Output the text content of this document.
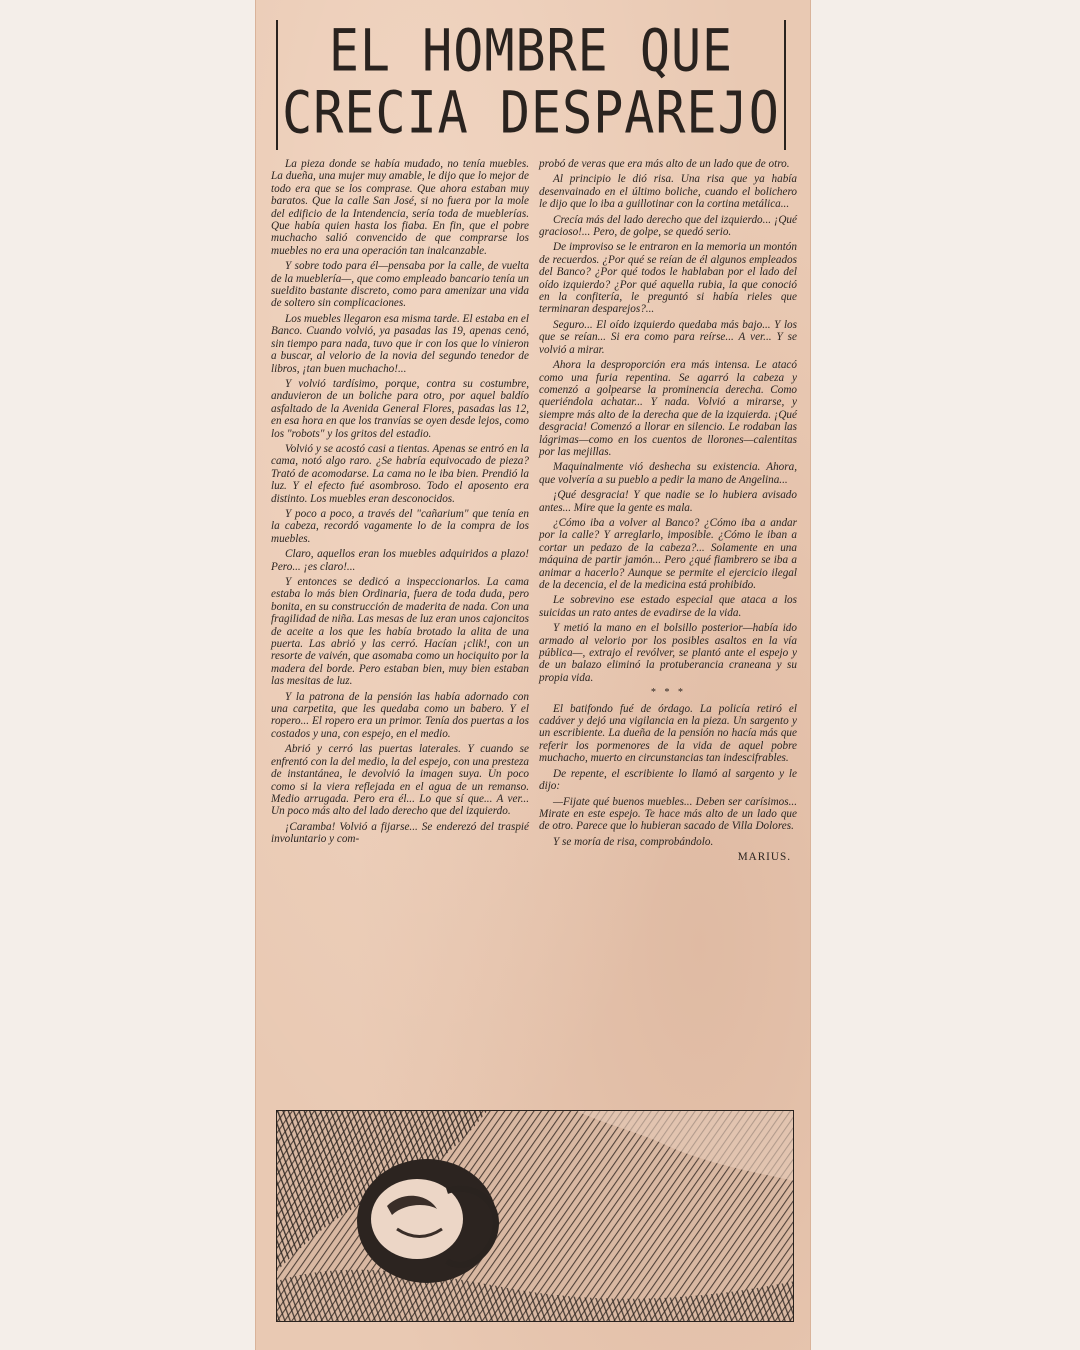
EL HOMBRE QUE
CRECIA DESPAREJO

La pieza donde se había mudado, no tenía muebles. La dueña, una mujer muy amable, le dijo que lo mejor de todo era que se los comprase. Que ahora estaban muy baratos. Que la calle San José, si no fuera por la mole del edificio de la Intendencia, sería toda de mueblerías. Que había quien hasta los fiaba. En fin, que el pobre muchacho salió convencido de que comprarse los muebles no era una operación tan inalcanzable.

Y sobre todo para él—pensaba por la calle, de vuelta de la mueblería—, que como empleado bancario tenía un sueldito bastante discreto, como para amenizar una vida de soltero sin complicaciones.

Los muebles llegaron esa misma tarde. El estaba en el Banco. Cuando volvió, ya pasadas las 19, apenas cenó, sin tiempo para nada, tuvo que ir con los que lo vinieron a buscar, al velorio de la novia del segundo tenedor de libros, ¡tan buen muchacho!...

Y volvió tardísimo, porque, contra su costumbre, anduvieron de un boliche para otro, por aquel baldío asfaltado de la Avenida General Flores, pasadas las 12, en esa hora en que los tranvías se oyen desde lejos, como los "robots" y los gritos del estadio.

Volvió y se acostó casi a tientas. Apenas se entró en la cama, notó algo raro. ¿Se habría equivocado de pieza? Trató de acomodarse. La cama no le iba bien. Prendió la luz. Y el efecto fué asombroso. Todo el aposento era distinto. Los muebles eran desconocidos.

Y poco a poco, a través del "cañarium" que tenía en la cabeza, recordó vagamente lo de la compra de los muebles.

Claro, aquellos eran los muebles adquiridos a plazo! Pero... ¡es claro!...

Y entonces se dedicó a inspeccionarlos. La cama estaba lo más bien Ordinaria, fuera de toda duda, pero bonita, en su construcción de maderita de nada. Con una fragilidad de niña. Las mesas de luz eran unos cajoncitos de aceite a los que les había brotado la alita de una puerta. Las abrió y las cerró. Hacían ¡clik!, con un resorte de vaivén, que asomaba como un hociquito por la madera del borde. Pero estaban bien, muy bien estaban las mesitas de luz.

Y la patrona de la pensión las había adornado con una carpetita, que les quedaba como un babero. Y el ropero... El ropero era un primor. Tenía dos puertas a los costados y una, con espejo, en el medio.

Abrió y cerró las puertas laterales. Y cuando se enfrentó con la del medio, la del espejo, con una presteza de instantánea, le devolvió la imagen suya. Un poco como si la viera reflejada en el agua de un remanso. Medio arrugada. Pero era él... Lo que sí que... A ver... Un poco más alto del lado derecho que del izquierdo.

¡Caramba! Volvió a fijarse... Se enderezó del traspié involuntario y com-

probó de veras que era más alto de un lado que de otro.

Al principio le dió risa. Una risa que ya había desenvainado en el último boliche, cuando el bolichero le dijo que lo iba a guillotinar con la cortina metálica...

Crecía más del lado derecho que del izquierdo... ¡Qué gracioso!... Pero, de golpe, se quedó serio.

De improviso se le entraron en la memoria un montón de recuerdos. ¿Por qué se reían de él algunos empleados del Banco? ¿Por qué todos le hablaban por el lado del oído izquierdo? ¿Por qué aquella rubia, la que conoció en la confitería, le preguntó si había rieles que terminaran desparejos?...

Seguro... El oído izquierdo quedaba más bajo... Y los que se reían... Si era como para reírse... A ver... Y se volvió a mirar.

Ahora la desproporción era más intensa. Le atacó como una furia repentina. Se agarró la cabeza y comenzó a golpearse la prominencia derecha. Como queriéndola achatar... Y nada. Volvió a mirarse, y siempre más alto de la derecha que de la izquierda. ¡Qué desgracia! Comenzó a llorar en silencio. Le rodaban las lágrimas—como en los cuentos de llorones—calentitas por las mejillas.

Maquinalmente vió deshecha su existencia. Ahora, que volvería a su pueblo a pedir la mano de Angelina...

¡Qué desgracia! Y que nadie se lo hubiera avisado antes... Mire que la gente es mala.

¿Cómo iba a volver al Banco? ¿Cómo iba a andar por la calle? Y arreglarlo, imposible. ¿Cómo le iban a cortar un pedazo de la cabeza?... Solamente en una máquina de partir jamón... Pero ¿qué fiambrero se iba a animar a hacerlo? Aunque se permite el ejercicio ilegal de la decencia, el de la medicina está prohibido.

Le sobrevino ese estado especial que ataca a los suicidas un rato antes de evadirse de la vida.

Y metió la mano en el bolsillo posterior—había ido armado al velorio por los posibles asaltos en la vía pública—, extrajo el revólver, se plantó ante el espejo y de un balazo eliminó la protuberancia craneana y su propia vida.

* * *

El batifondo fué de órdago. La policía retiró el cadáver y dejó una vigilancia en la pieza. Un sargento y un escribiente. La dueña de la pensión no hacía más que referir los pormenores de la vida de aquel pobre muchacho, muerto en circunstancias tan indescifrables.

De repente, el escribiente lo llamó al sargento y le dijo:

—Fijate qué buenos muebles... Deben ser carísimos... Mirate en este espejo. Te hace más alto de un lado que de otro. Parece que lo hubieran sacado de Villa Dolores.

Y se moría de risa, comprobándolo.

MARIUS.
